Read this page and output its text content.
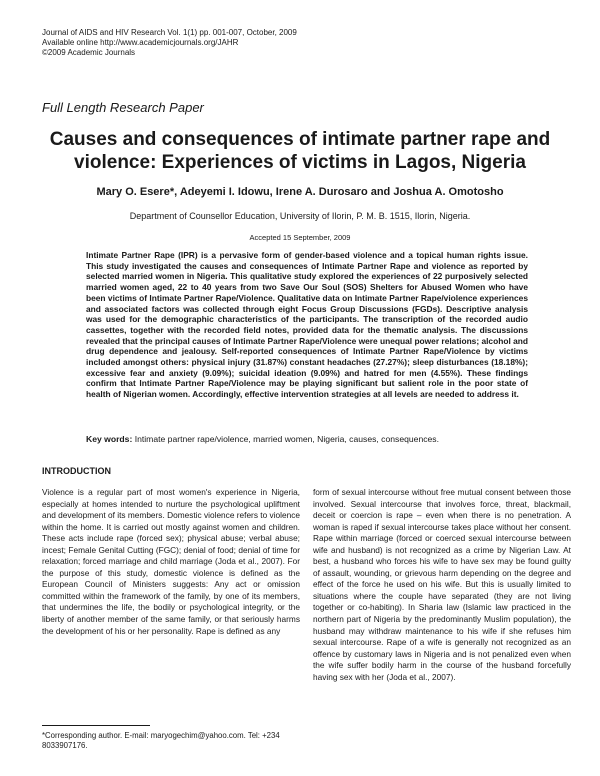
Journal of AIDS and HIV Research Vol. 1(1) pp. 001-007, October, 2009
Available online http://www.academicjournals.org/JAHR
©2009 Academic Journals
Full Length Research Paper
Causes and consequences of intimate partner rape and violence: Experiences of victims in Lagos, Nigeria
Mary O. Esere*, Adeyemi I. Idowu, Irene A. Durosaro and Joshua A. Omotosho
Department of Counsellor Education, University of Ilorin, P. M. B. 1515, Ilorin, Nigeria.
Accepted 15 September, 2009

Intimate Partner Rape (IPR) is a pervasive form of gender-based violence and a topical human rights issue. This study investigated the causes and consequences of Intimate Partner Rape and violence as reported by selected married women in Nigeria. This qualitative study explored the experiences of 22 purposively selected married women aged, 22 to 40 years from two Save Our Soul (SOS) Shelters for Abused Women who have been victims of Intimate Partner Rape/Violence. Qualitative data on Intimate Partner Rape/violence experiences and associated factors was collected through eight Focus Group Discussions (FGDs). Descriptive analysis was used for the demographic characteristics of the participants. The transcription of the recorded audio cassettes, together with the recorded field notes, provided data for the thematic analysis. The discussions revealed that the principal causes of Intimate Partner Rape/Violence were unequal power relations; alcohol and drug dependence and jealousy. Self-reported consequences of Intimate Partner Rape/Violence by victims included amongst others: physical injury (31.87%) constant headaches (27.27%); sleep disturbances (18.18%); excessive fear and anxiety (9.09%); suicidal ideation (9.09%) and hatred for men (4.55%). These findings confirm that Intimate Partner Rape/Violence may be playing significant but salient role in the poor state of health of Nigerian women. Accordingly, effective intervention strategies at all levels are needed to address it.

Key words: Intimate partner rape/violence, married women, Nigeria, causes, consequences.
INTRODUCTION

Violence is a regular part of most women's experience in Nigeria, especially at homes intended to nurture the psychological upliftment and development of its members. Domestic violence refers to violence within the home. It is carried out mostly against women and children. These acts include rape (forced sex); physical abuse; verbal abuse; incest; Female Genital Cutting (FGC); denial of food; denial of time for relaxation; forced marriage and child marriage (Joda et al., 2007). For the purpose of this study, domestic violence is defined as the European Council of Ministers suggests: Any act or omission committed within the framework of the family, by one of its members, that undermines the life, the bodily or psychological integrity, or the liberty of another member of the same family, or that seriously harms the development of his or her personality. Rape is defined as any

form of sexual intercourse without free mutual consent between those involved. Sexual intercourse that involves force, threat, blackmail, deceit or coercion is rape – even when there is no penetration. A woman is raped if sexual intercourse takes place without her consent. Rape within marriage (forced or coerced sexual intercourse between wife and husband) is not recognized as a crime by Nigerian Law. At best, a husband who forces his wife to have sex may be found guilty of assault, wounding, or grievous harm depending on the degree and effect of the force he used on his wife. But this is usually limited to situations where the couple have separated (they are not living together or co-habiting). In Sharia law (Islamic law practiced in the northern part of Nigeria by the predominantly Muslim population), the husband may withdraw maintenance to his wife if she refuses him sexual intercourse. Rape of a wife is generally not recognized as an offence by customary laws in Nigeria and is not penalized even when the wife suffer bodily harm in the course of the husband forcefully having sex with her (Joda et al., 2007).

*Corresponding author. E-mail: maryogechim@yahoo.com. Tel: +234 8033907176.
